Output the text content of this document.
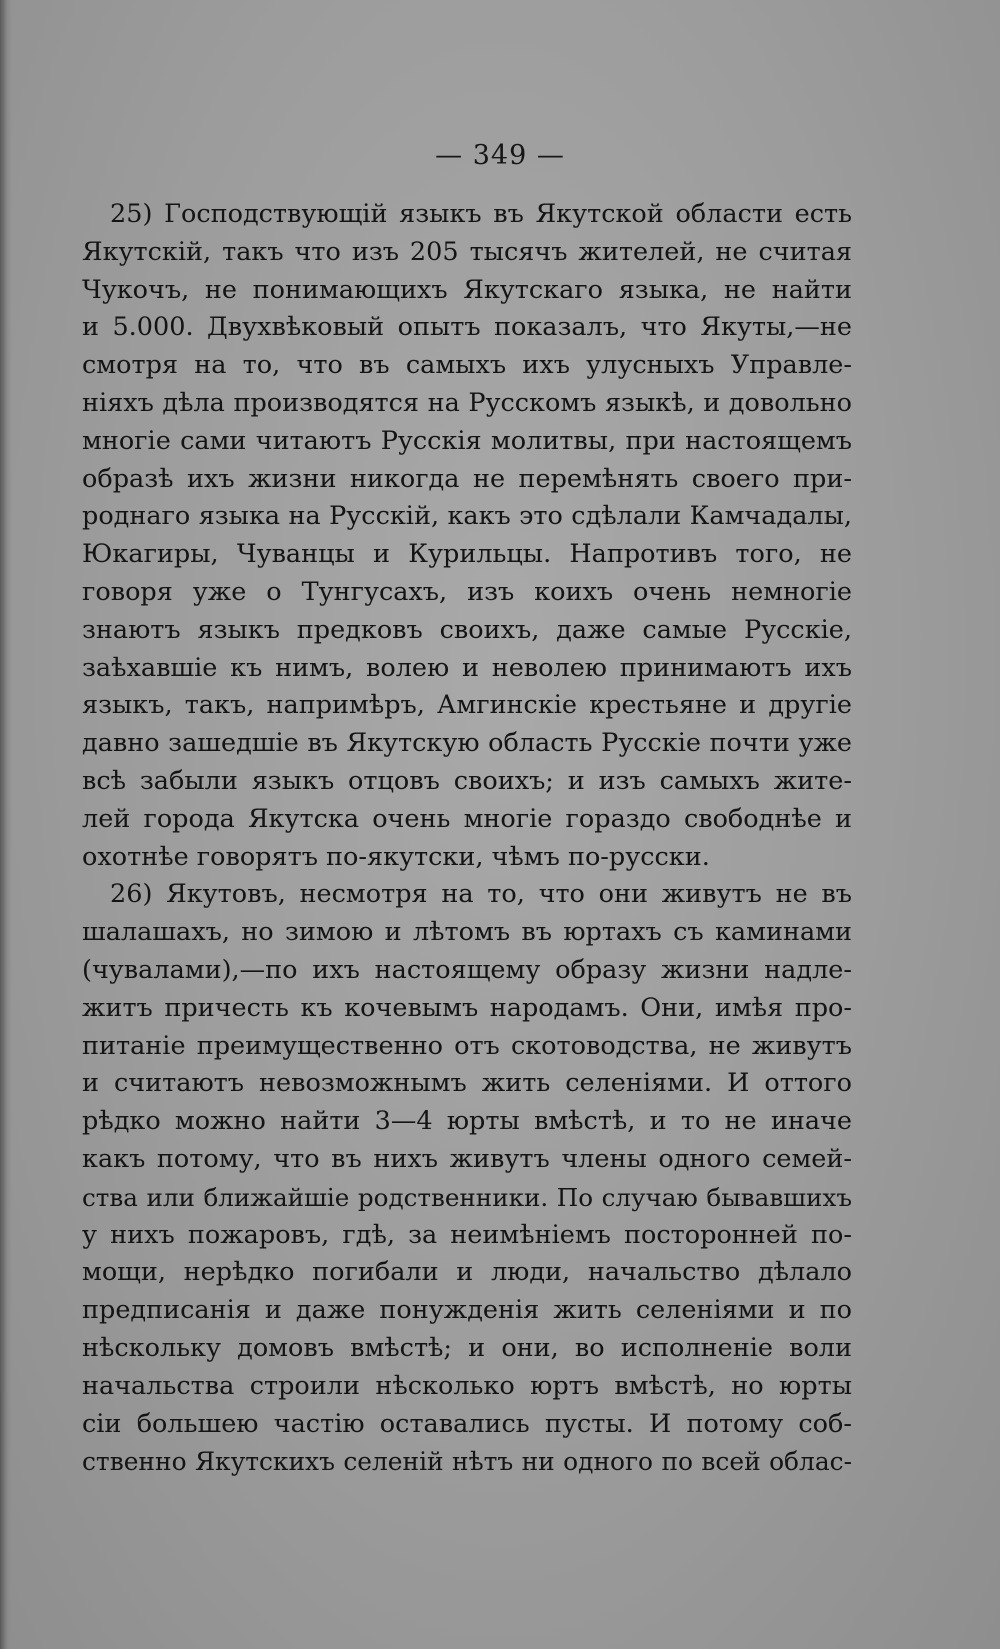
— 349 —
25) Господствующій языкъ въ Якутской области есть
Якутскій, такъ что изъ 205 тысячъ жителей, не считая
Чукочъ, не понимающихъ Якутскаго языка, не найти
и 5.000. Двухвѣковый опытъ показалъ, что Якуты,—не
смотря на то, что въ самыхъ ихъ улусныхъ Управле-
ніяхъ дѣла производятся на Русскомъ языкѣ, и довольно
многіе сами читаютъ Русскія молитвы, при настоящемъ
образѣ ихъ жизни никогда не перемѣнять своего при-
роднаго языка на Русскій, какъ это сдѣлали Камчадалы,
Юкагиры, Чуванцы и Курильцы. Напротивъ того, не
говоря уже о Тунгусахъ, изъ коихъ очень немногіе
знаютъ языкъ предковъ своихъ, даже самые Русскіе,
заѣхавшіе къ нимъ, волею и неволею принимаютъ ихъ
языкъ, такъ, напримѣръ, Амгинскіе крестьяне и другіе
давно зашедшіе въ Якутскую область Русскіе почти уже
всѣ забыли языкъ отцовъ своихъ; и изъ самыхъ жите-
лей города Якутска очень многіе гораздо свободнѣе и
охотнѣе говорятъ по-якутски, чѣмъ по-русски.
26) Якутовъ, несмотря на то, что они живутъ не въ
шалашахъ, но зимою и лѣтомъ въ юртахъ съ каминами
(чувалами),—по ихъ настоящему образу жизни надле-
житъ причесть къ кочевымъ народамъ. Они, имѣя про-
питаніе преимущественно отъ скотоводства, не живутъ
и считаютъ невозможнымъ жить селеніями. И оттого
рѣдко можно найти 3—4 юрты вмѣстѣ, и то не иначе
какъ потому, что въ нихъ живутъ члены одного семей-
ства или ближайшіе родственники. По случаю бывавшихъ
у нихъ пожаровъ, гдѣ, за неимѣніемъ посторонней по-
мощи, нерѣдко погибали и люди, начальство дѣлало
предписанія и даже понужденія жить селеніями и по
нѣскольку домовъ вмѣстѣ; и они, во исполненіе воли
начальства строили нѣсколько юртъ вмѣстѣ, но юрты
сіи большею частію оставались пусты. И потому соб-
ственно Якутскихъ селеній нѣтъ ни одного по всей облас-
